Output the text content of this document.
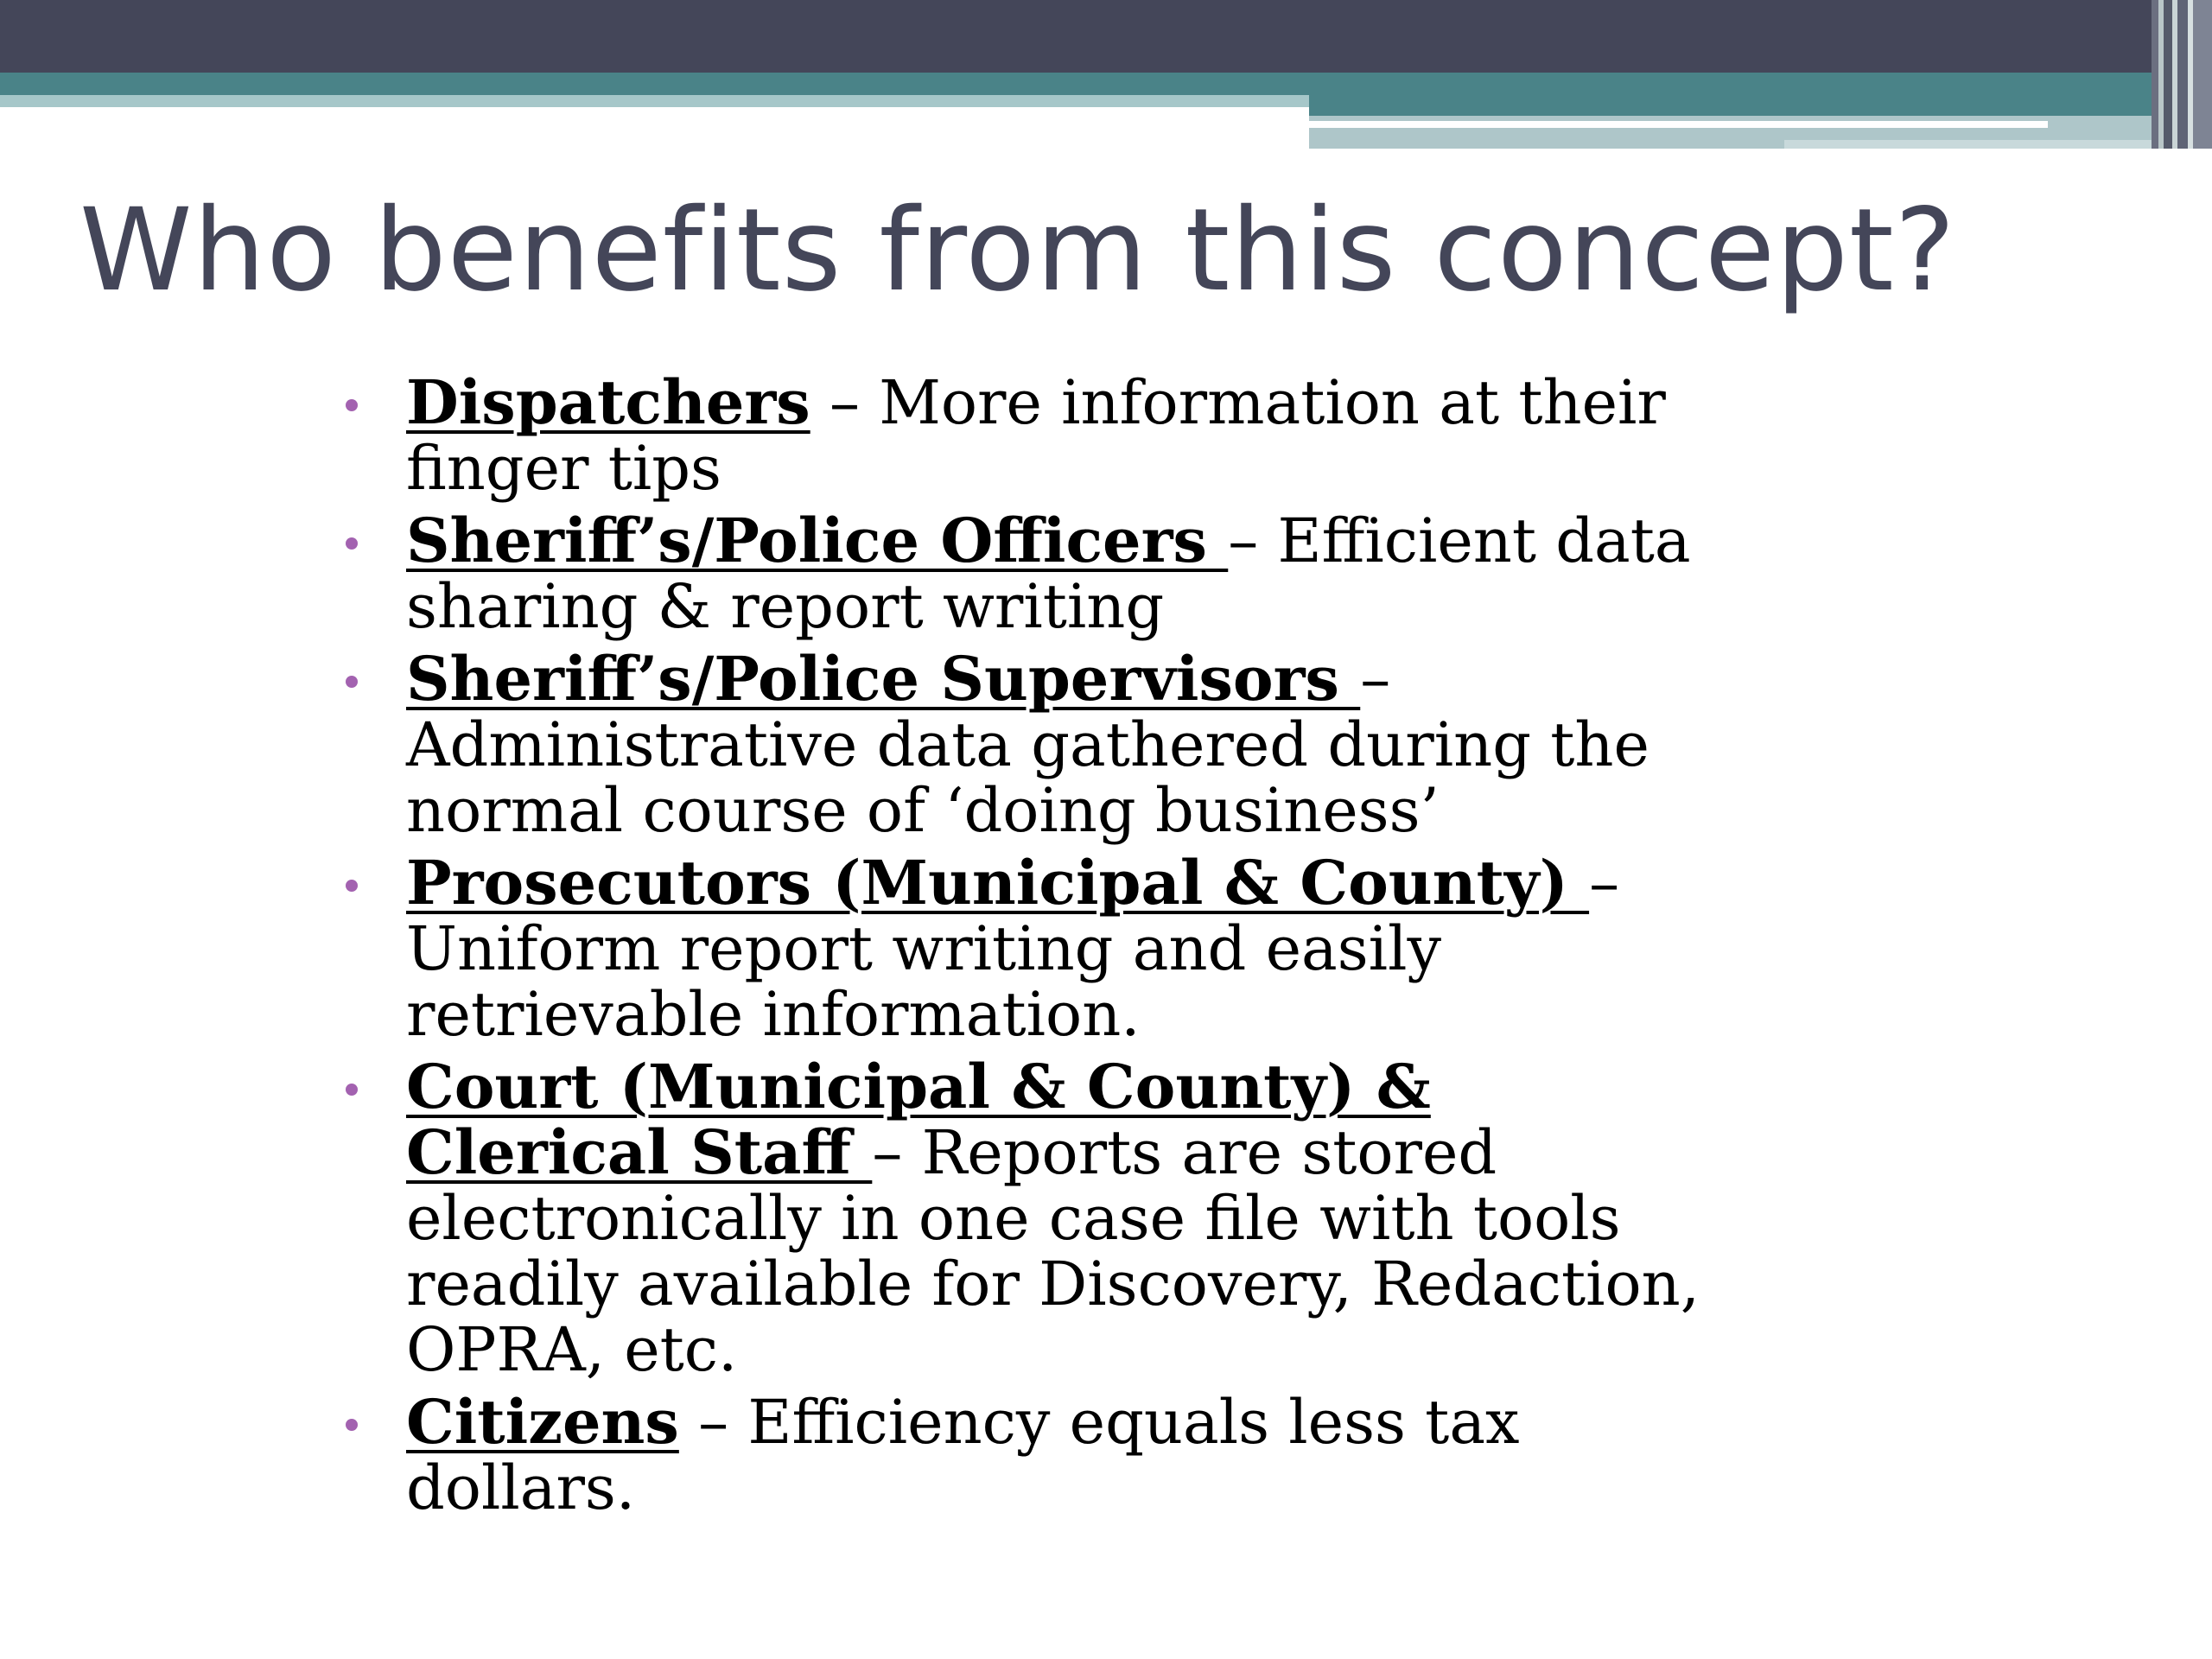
Who benefits from this concept?
Dispatchers – More information at their finger tips
Sheriff’s/Police Officers – Efficient data sharing & report writing
Sheriff’s/Police Supervisors – Administrative data gathered during the normal course of ‘doing business’
Prosecutors (Municipal & County) – Uniform report writing and easily retrievable information.
Court (Municipal & County) & Clerical Staff – Reports are stored electronically in one case file with tools readily available for Discovery, Redaction, OPRA, etc.
Citizens – Efficiency equals less tax dollars.
